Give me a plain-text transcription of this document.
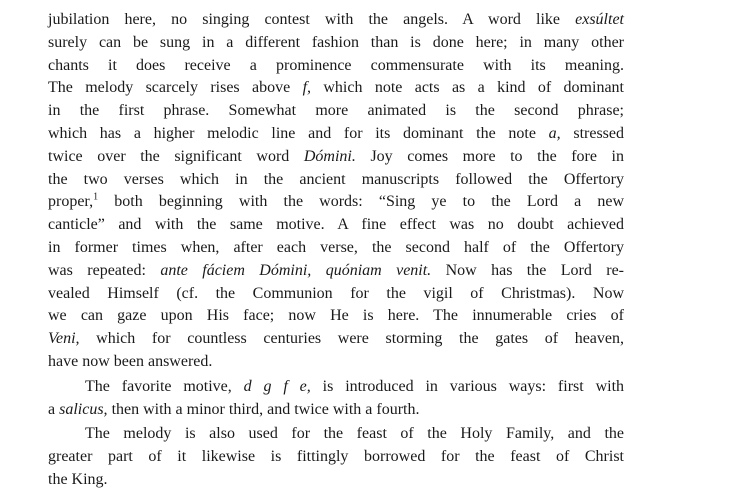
jubilation here, no singing contest with the angels. A word like exsúltet
surely can be sung in a different fashion than is done here; in many other
chants it does receive a prominence commensurate with its meaning.
The melody scarcely rises above f, which note acts as a kind of dominant
in the first phrase. Somewhat more animated is the second phrase;
which has a higher melodic line and for its dominant the note a, stressed
twice over the significant word Dómini. Joy comes more to the fore in
the two verses which in the ancient manuscripts followed the Offertory
proper,$^1$ both beginning with the words: “Sing ye to the Lord a new
canticle” and with the same motive. A fine effect was no doubt achieved
in former times when, after each verse, the second half of the Offertory
was repeated: ante fáciem Dómini, quóniam venit. Now has the Lord re-
vealed Himself (cf. the Communion for the vigil of Christmas). Now
we can gaze upon His face; now He is here. The innumerable cries of
Veni, which for countless centuries were storming the gates of heaven,
have now been answered.
The favorite motive, d g f e, is introduced in various ways: first with
a salicus, then with a minor third, and twice with a fourth.
The melody is also used for the feast of the Holy Family, and the
greater part of it likewise is fittingly borrowed for the feast of Christ
the King.
